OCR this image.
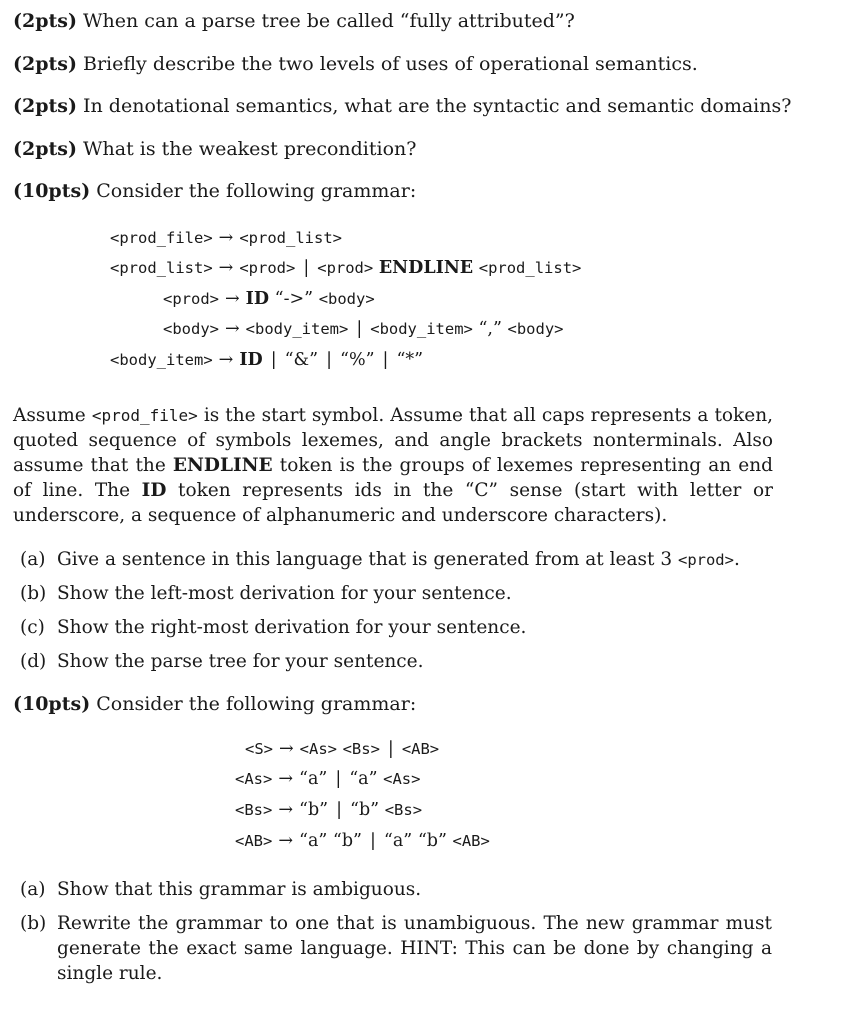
(2pts) When can a parse tree be called “fully attributed”?
(2pts) Briefly describe the two levels of uses of operational semantics.
(2pts) In denotational semantics, what are the syntactic and semantic domains?
(2pts) What is the weakest precondition?
(10pts) Consider the following grammar:
<prod_file> → <prod_list>
<prod_list> → <prod> | <prod> ENDLINE <prod_list>
<prod> → ID “->” <body>
<body> → <body_item> | <body_item> “,” <body>
<body_item> → ID | “&” | “%” | “*”
Assume <prod_file> is the start symbol. Assume that all caps represents a token, quoted sequence of symbols lexemes, and angle brackets nonterminals. Also assume that the ENDLINE token is the groups of lexemes representing an end of line. The ID token represents ids in the “C” sense (start with letter or underscore, a sequence of alphanumeric and underscore characters).
(a) Give a sentence in this language that is generated from at least 3 <prod>.
(b) Show the left-most derivation for your sentence.
(c) Show the right-most derivation for your sentence.
(d) Show the parse tree for your sentence.
(10pts) Consider the following grammar:
<S> → <As> <Bs> | <AB>
<As> → “a” | “a” <As>
<Bs> → “b” | “b” <Bs>
<AB> → “a” “b” | “a” “b” <AB>
(a) Show that this grammar is ambiguous.
(b) Rewrite the grammar to one that is unambiguous. The new grammar must generate the exact same language. HINT: This can be done by changing a single rule.
